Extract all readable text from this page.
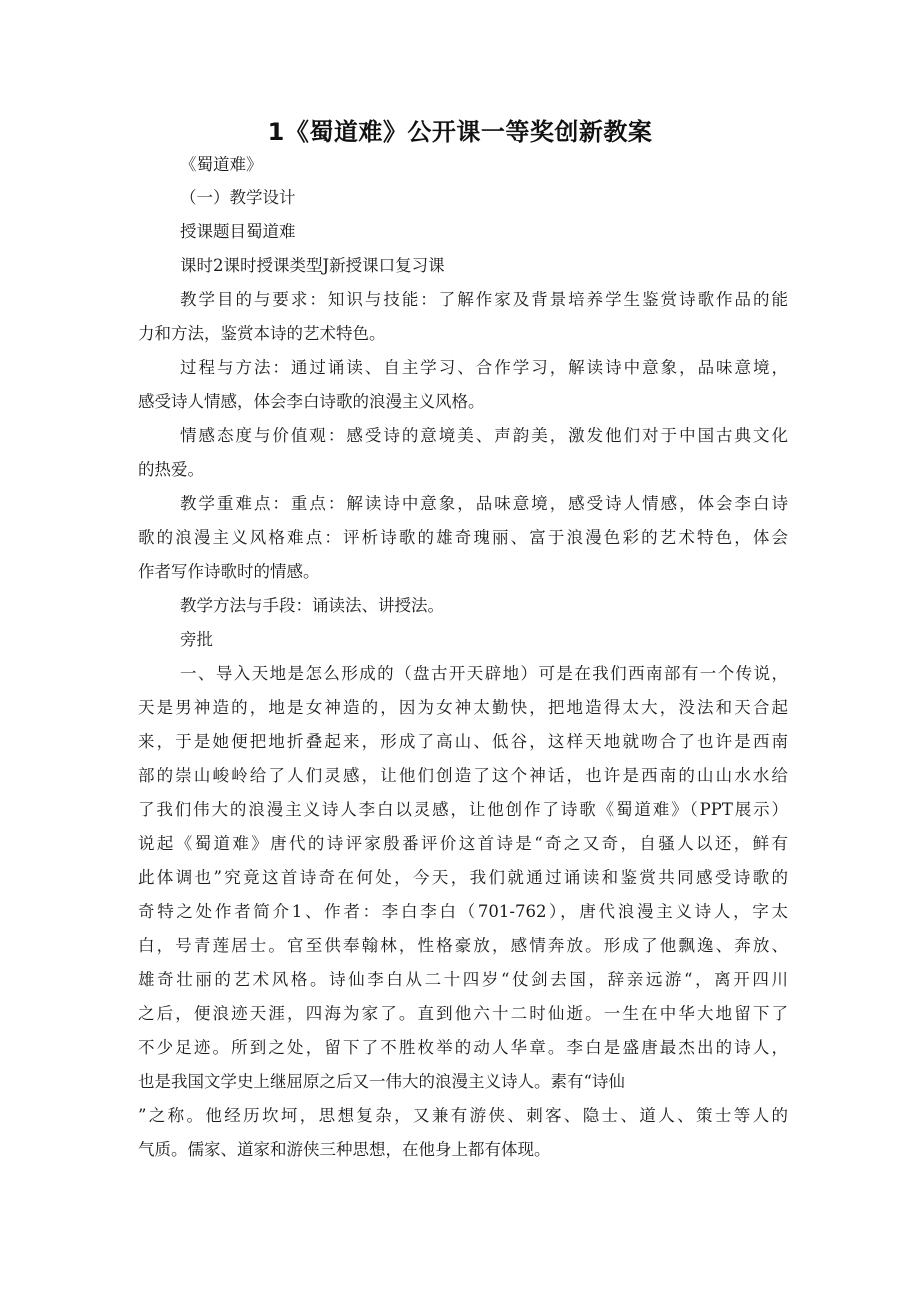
1《蜀道难》公开课一等奖创新教案
《蜀道难》
（一）教学设计
授课题目蜀道难
课时2课时授课类型J新授课口复习课
教学目的与要求：知识与技能：了解作家及背景培养学生鉴赏诗歌作品的能
力和方法，鉴赏本诗的艺术特色。
过程与方法：通过诵读、自主学习、合作学习，解读诗中意象，品味意境，
感受诗人情感，体会李白诗歌的浪漫主义风格。
情感态度与价值观：感受诗的意境美、声韵美，激发他们对于中国古典文化
的热爱。
教学重难点：重点：解读诗中意象，品味意境，感受诗人情感，体会李白诗
歌的浪漫主义风格难点：评析诗歌的雄奇瑰丽、富于浪漫色彩的艺术特色，体会
作者写作诗歌时的情感。
教学方法与手段：诵读法、讲授法。
旁批
一、导入天地是怎么形成的（盘古开天辟地）可是在我们西南部有一个传说，
天是男神造的，地是女神造的，因为女神太勤快，把地造得太大，没法和天合起
来，于是她便把地折叠起来，形成了高山、低谷，这样天地就吻合了也许是西南
部的崇山峻岭给了人们灵感，让他们创造了这个神话，也许是西南的山山水水给
了我们伟大的浪漫主义诗人李白以灵感，让他创作了诗歌《蜀道难》（PPT展示）
说起《蜀道难》唐代的诗评家殷番评价这首诗是“奇之又奇，自骚人以还，鲜有
此体调也”究竟这首诗奇在何处，今天，我们就通过诵读和鉴赏共同感受诗歌的
奇特之处作者简介1、作者：李白李白（701-762），唐代浪漫主义诗人，字太
白，号青莲居士。官至供奉翰林，性格豪放，感情奔放。形成了他飘逸、奔放、
雄奇壮丽的艺术风格。诗仙李白从二十四岁“仗剑去国，辞亲远游“，离开四川
之后，便浪迹天涯，四海为家了。直到他六十二时仙逝。一生在中华大地留下了
不少足迹。所到之处，留下了不胜枚举的动人华章。李白是盛唐最杰出的诗人，
也是我国文学史上继屈原之后又一伟大的浪漫主义诗人。素有“诗仙
”之称。他经历坎坷，思想复杂，又兼有游侠、刺客、隐士、道人、策士等人的
气质。儒家、道家和游侠三种思想，在他身上都有体现。
